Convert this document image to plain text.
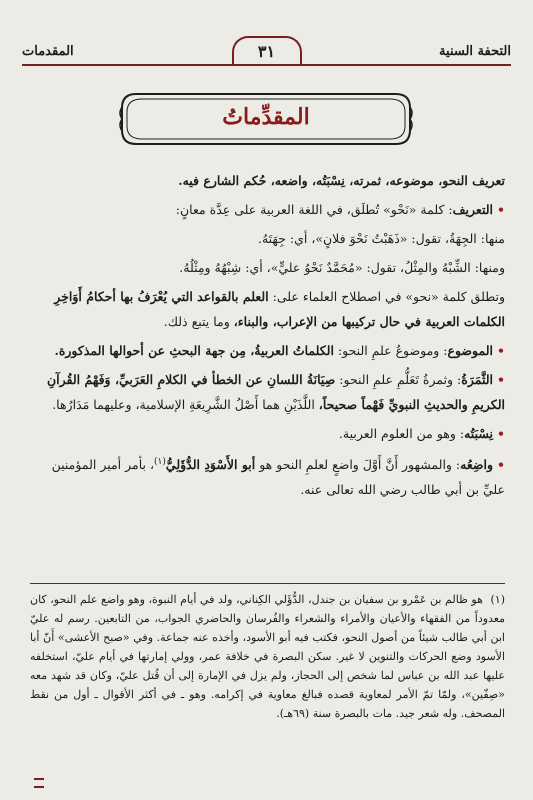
المقدمات	التحفة السنية
٣١
المقدِّماتُ

تعريف النحو، موضوعه، ثمرته، نِسْبَتُه، واضعه، حُكم الشارع فيه.

•التعريف: كلمة «نَحْو» تُطلَق، في اللغة العربية على عِدَّة معانٍ:

منها: الجِهَةُ، تقول: «ذَهَبْتُ نَحْوَ فلانٍ»، أي: جِهَتَهُ.

ومنها: الشِّبْهُ والمِثْلُ، تقول: «مُحَمَّدٌ نَحْوُ عليٍّ»، أي: شِبْهُهُ ومِثْلُهُ.

وتطلق كلمة «نحو» في اصطلاح العلماء على: العلم بالقواعد التي يُعْرَفُ بها أحكامُ أَوَاخِرِ الكلمات العربية في حال تركيبها من الإعراب، والبناء، وما يتبع ذلك.

•الموضوع: وموضوعُ علمِ النحو: الكلماتُ العربيةُ، مِن جهة البحثِ عن أحوالها المذكورة.

•الثَّمَرَةُ: وثمرةُ تَعَلُّمِ علمِ النحو: صِيَانَةُ اللسانِ عن الخطأ في الكلامِ العَرَبيِّ، وَفَهْمُ القُرآنِ الكريمِ والحديثِ النبويِّ فَهْماً صحيحاً، اللَّذَيْنِ هما أَصْلُ الشَّرِيعَةِ الإسلامية، وعليهما مَدَارُها.

•نِسْبَتُه: وهو من العلوم العربية.

•واضِعُه: والمشهور أَنَّ أَوَّلَ واضعٍ لعلمِ النحو هو أبو الأَسْوَدِ الدُّؤَلِيُّ$^{(١)}$، بأمر أمير المؤمنين عليِّ بن أبي طالب رضي الله تعالى عنه.

(١) هو ظالم بن عَمْرو بن سفيان بن جندل، الدُّؤَلي الكِناني، ولد في أيام النبوة، وهو واضع علم النحو، كان معدوداً من الفقهاء والأعيان والأمراء والشعراء والفُرسان والحاضري الجواب، من التابعين. رسم له عليّ ابن أبي طالب شيئاً من أصول النحو، فكتب فيه أبو الأسود، وأخذه عنه جماعة. وفي «صبح الأعشى» أَنّ أبا الأسود وضع الحركات والتنوين لا غير. سكن البصرة في خلافة عمر، وولي إمارتها في أيام عليّ، استخلفه عليها عبد الله بن عباس لما شخص إلى الحجاز، ولم يزل في الإمارة إلى أن قُتل عليّ، وكان قد شهد معه «صِفّين»، ولمّا تمّ الأمر لمعاوية قصده فبالغ معاوية في إكرامه. وهو ـ في أكثر الأقوال ـ أول من نقط المصحف. وله شعر جيد. مات بالبصرة سنة (٦٩هـ).
